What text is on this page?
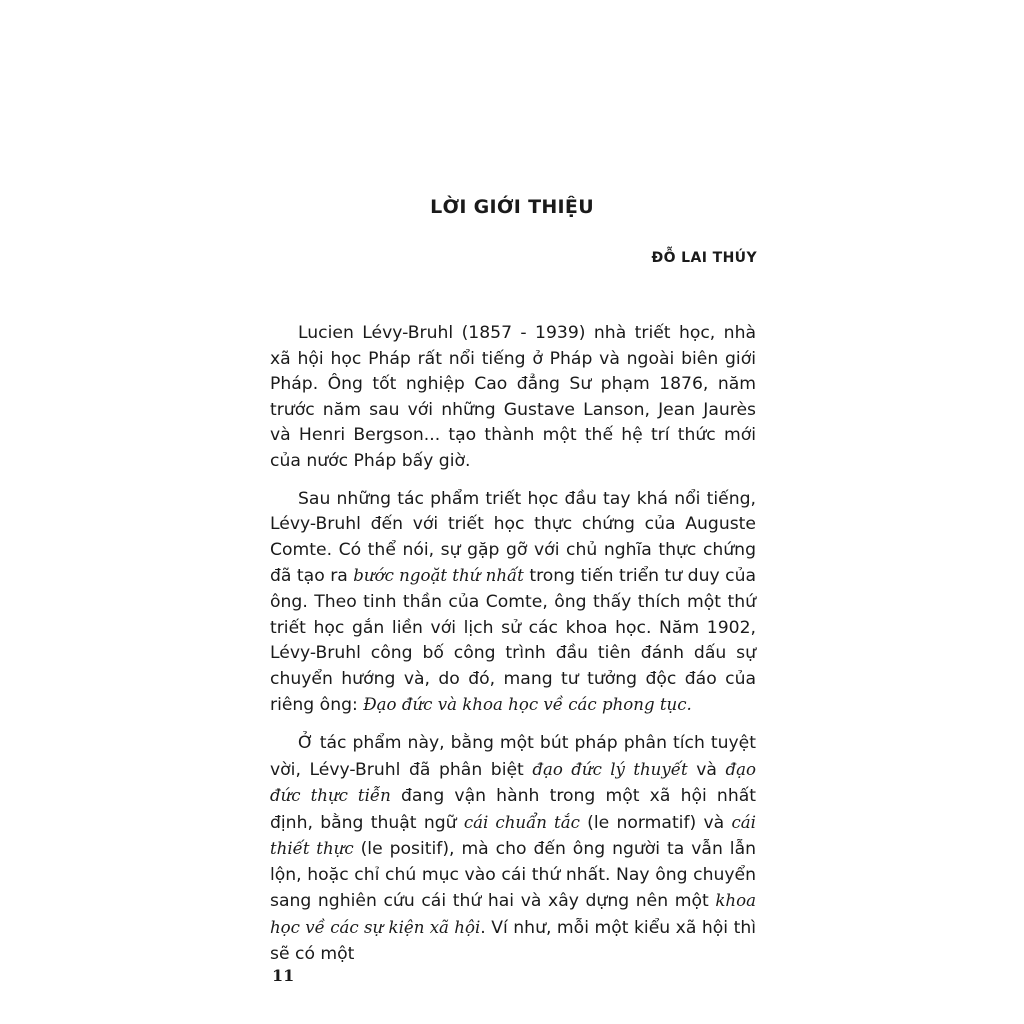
LỜI GIỚI THIỆU
ĐỖ LAI THÚY

Lucien Lévy-Bruhl (1857 - 1939) nhà triết học, nhà xã hội học Pháp rất nổi tiếng ở Pháp và ngoài biên giới Pháp. Ông tốt nghiệp Cao đẳng Sư phạm 1876, năm trước năm sau với những Gustave Lanson, Jean Jaurès và Henri Bergson... tạo thành một thế hệ trí thức mới của nước Pháp bấy giờ.

Sau những tác phẩm triết học đầu tay khá nổi tiếng, Lévy-Bruhl đến với triết học thực chứng của Auguste Comte. Có thể nói, sự gặp gỡ với chủ nghĩa thực chứng đã tạo ra bước ngoặt thứ nhất trong tiến triển tư duy của ông. Theo tinh thần của Comte, ông thấy thích một thứ triết học gắn liền với lịch sử các khoa học. Năm 1902, Lévy-Bruhl công bố công trình đầu tiên đánh dấu sự chuyển hướng và, do đó, mang tư tưởng độc đáo của riêng ông: Đạo đức và khoa học về các phong tục.

Ở tác phẩm này, bằng một bút pháp phân tích tuyệt vời, Lévy-Bruhl đã phân biệt đạo đức lý thuyết và đạo đức thực tiễn đang vận hành trong một xã hội nhất định, bằng thuật ngữ cái chuẩn tắc (le normatif) và cái thiết thực (le positif), mà cho đến ông người ta vẫn lẫn lộn, hoặc chỉ chú mục vào cái thứ nhất. Nay ông chuyển sang nghiên cứu cái thứ hai và xây dựng nên một khoa học về các sự kiện xã hội. Ví như, mỗi một kiểu xã hội thì sẽ có một

11
